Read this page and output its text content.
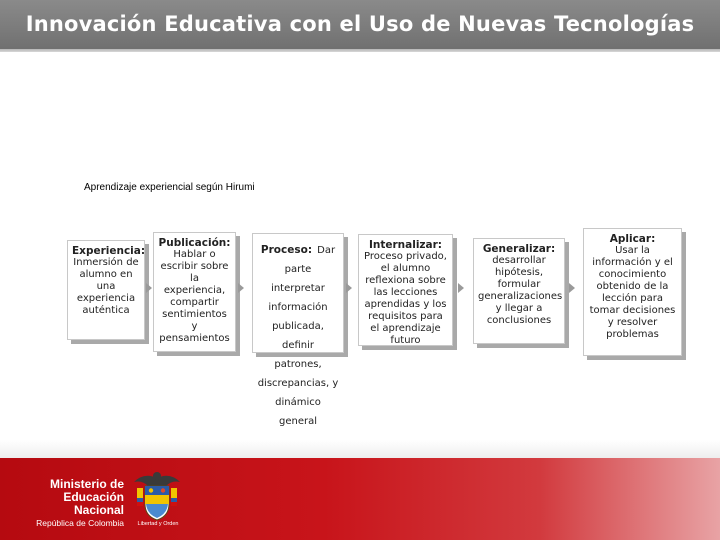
Innovación Educativa con el Uso de Nuevas Tecnologías
Aprendizaje experiencial según Hirumi
Experiencia:
Inmersión de alumno en una experiencia auténtica
Publicación:
Hablar o escribir sobre la experiencia, compartir sentimientos y pensamientos
Proceso: Dar parte interpretar información publicada, definir patrones, discrepancias, y dinámico general
Internalizar:
Proceso privado, el alumno reflexiona sobre las lecciones aprendidas y los requisitos para el aprendizaje futuro
Generalizar:
desarrollar hipótesis, formular generalizaciones y llegar a conclusiones
Aplicar:
Usar la información y el conocimiento obtenido de la lección para tomar decisiones y resolver problemas
Ministerio de
Educación Nacional
República de Colombia	Libertad y Orden
